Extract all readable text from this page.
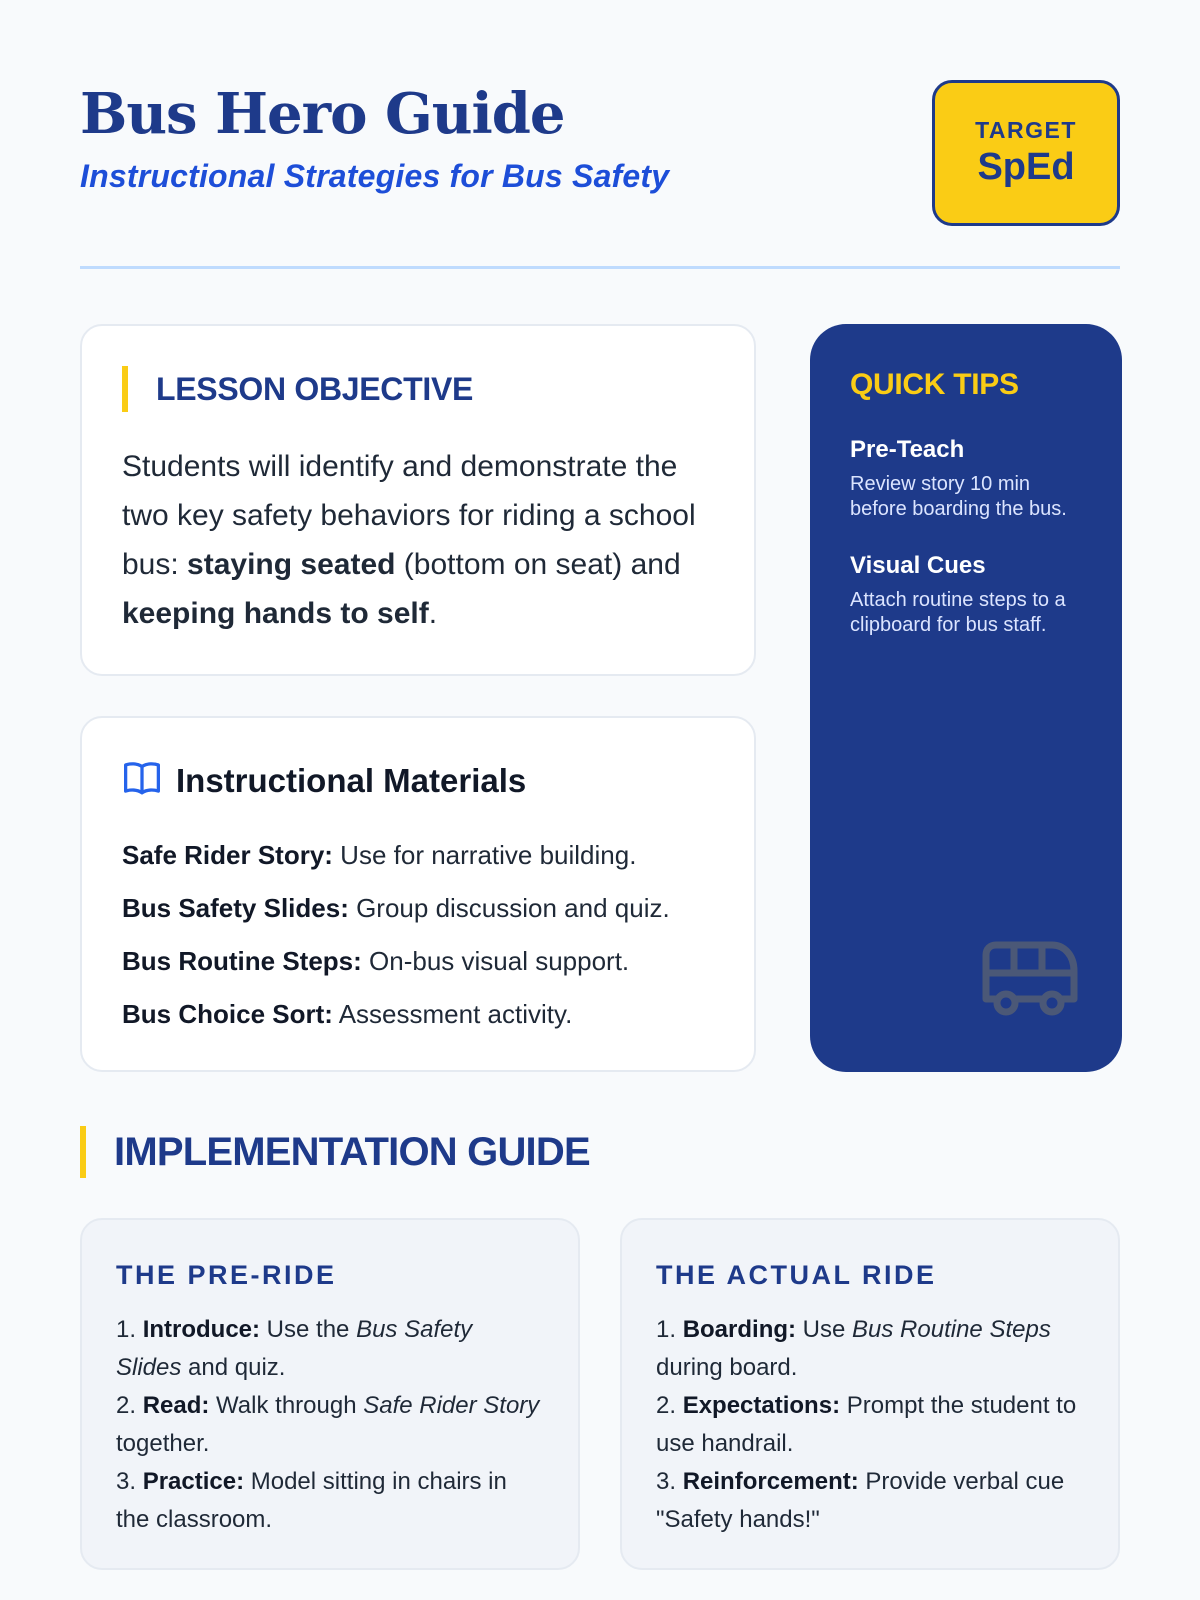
Bus Hero Guide
Instructional Strategies for Bus Safety
TARGET
SpEd
LESSON OBJECTIVE

Students will identify and demonstrate the two key safety behaviors for riding a school bus: staying seated (bottom on seat) and keeping hands to self.

Instructional Materials
Safe Rider Story: Use for narrative building.
Bus Safety Slides: Group discussion and quiz.
Bus Routine Steps: On-bus visual support.
Bus Choice Sort: Assessment activity.
QUICK TIPS
Pre-Teach
Review story 10 min before boarding the bus.
Visual Cues
Attach routine steps to a clipboard for bus staff.
IMPLEMENTATION GUIDE
THE PRE-RIDE
1. Introduce: Use the Bus Safety Slides and quiz.
2. Read: Walk through Safe Rider Story together.
3. Practice: Model sitting in chairs in the classroom.
THE ACTUAL RIDE
1. Boarding: Use Bus Routine Steps during board.
2. Expectations: Prompt the student to use handrail.
3. Reinforcement: Provide verbal cue "Safety hands!"
